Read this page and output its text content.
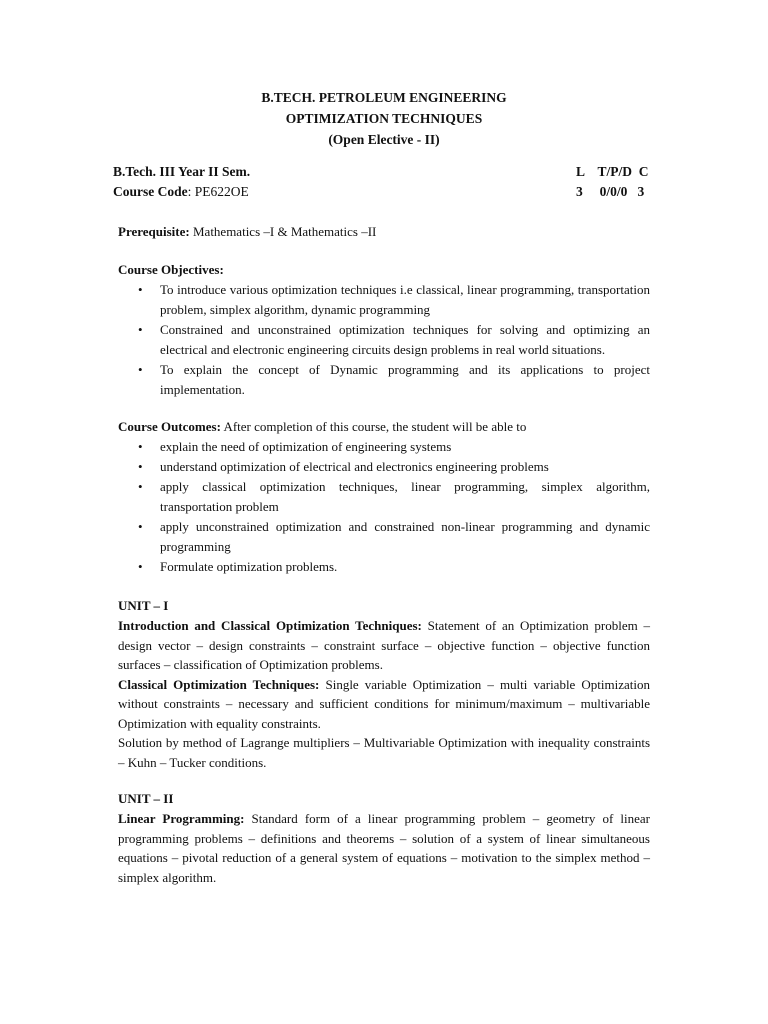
B.TECH. PETROLEUM ENGINEERING
OPTIMIZATION TECHNIQUES
(Open Elective - II)
B.Tech. III Year II Sem.	L    T/P/D  C
Course Code: PE622OE	3     0/0/0   3
Prerequisite: Mathematics –I & Mathematics –II
Course Objectives:
• To introduce various optimization techniques i.e classical, linear programming, transportation problem, simplex algorithm, dynamic programming
• Constrained and unconstrained optimization techniques for solving and optimizing an electrical and electronic engineering circuits design problems in real world situations.
• To explain the concept of Dynamic programming and its applications to project implementation.
Course Outcomes: After completion of this course, the student will be able to
• explain the need of optimization of engineering systems
• understand optimization of electrical and electronics engineering problems
• apply classical optimization techniques, linear programming, simplex algorithm, transportation problem
• apply unconstrained optimization and constrained non-linear programming and dynamic programming
• Formulate optimization problems.
UNIT – I
Introduction and Classical Optimization Techniques: Statement of an Optimization problem – design vector – design constraints – constraint surface – objective function – objective function surfaces – classification of Optimization problems.
Classical Optimization Techniques: Single variable Optimization – multi variable Optimization without constraints – necessary and sufficient conditions for minimum/maximum – multivariable Optimization with equality constraints.
Solution by method of Lagrange multipliers – Multivariable Optimization with inequality constraints – Kuhn – Tucker conditions.
UNIT – II
Linear Programming: Standard form of a linear programming problem – geometry of linear programming problems – definitions and theorems – solution of a system of linear simultaneous equations – pivotal reduction of a general system of equations – motivation to the simplex method – simplex algorithm.
